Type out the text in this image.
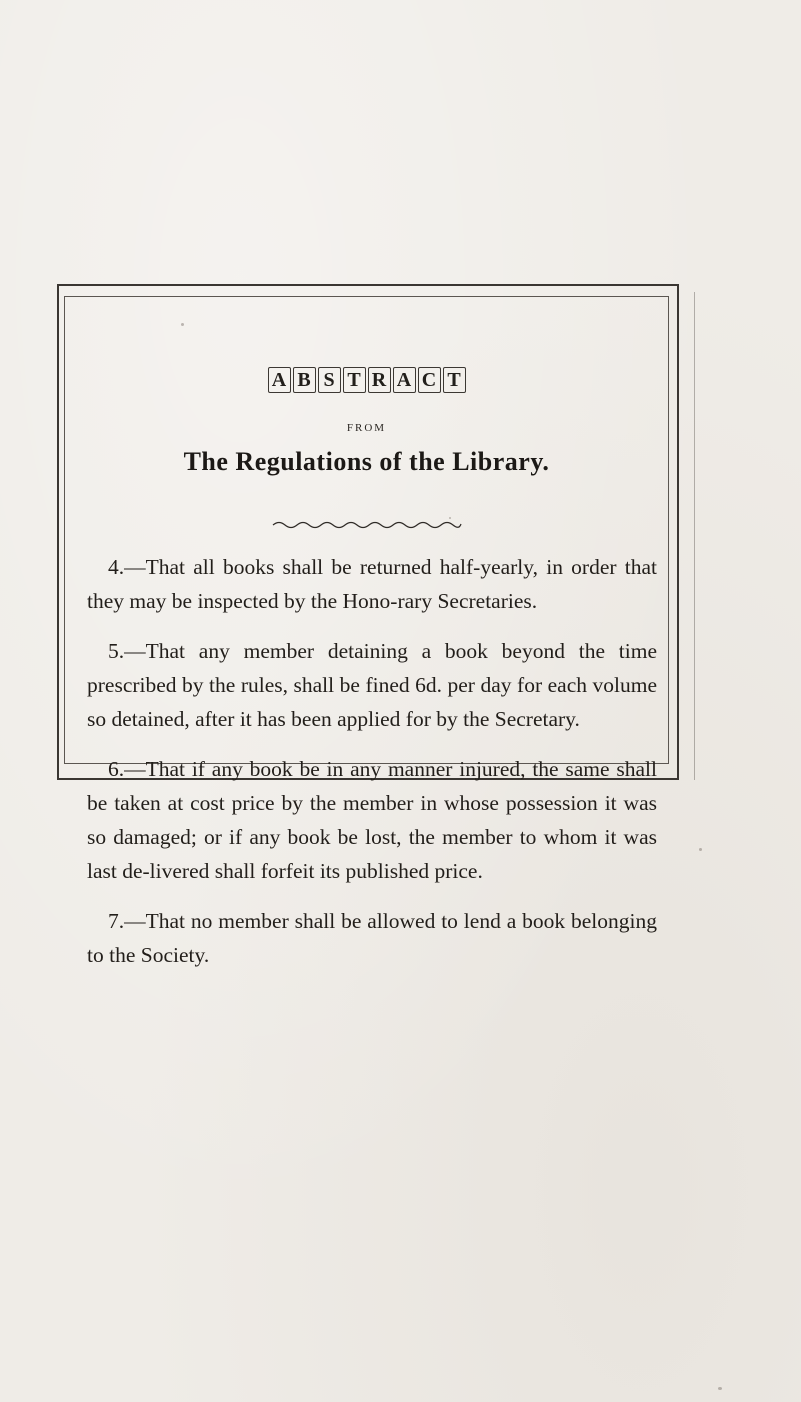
A B S T R A C T
FROM
The Regulations of the Library.
4.—That all books shall be returned half-yearly, in order that they may be inspected by the Hono-rary Secretaries.
5.—That any member detaining a book beyond the time prescribed by the rules, shall be fined 6d. per day for each volume so detained, after it has been applied for by the Secretary.
6.—That if any book be in any manner injured, the same shall be taken at cost price by the member in whose possession it was so damaged; or if any book be lost, the member to whom it was last de-livered shall forfeit its published price.
7.—That no member shall be allowed to lend a book belonging to the Society.
